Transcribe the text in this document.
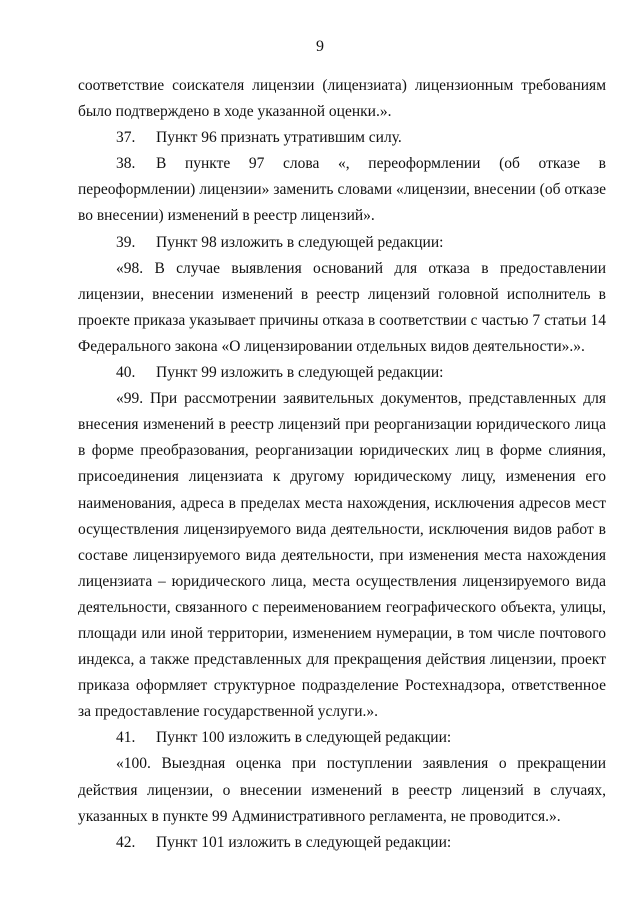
9

соответствие соискателя лицензии (лицензиата) лицензионным требованиям было подтверждено в ходе указанной оценки.».

37. Пункт 96 признать утратившим силу.

38. В пункте 97 слова «, переоформлении (об отказе в переоформлении) лицензии» заменить словами «лицензии, внесении (об отказе во внесении) изменений в реестр лицензий».

39. Пункт 98 изложить в следующей редакции:

«98. В случае выявления оснований для отказа в предоставлении лицензии, внесении изменений в реестр лицензий головной исполнитель в проекте приказа указывает причины отказа в соответствии с частью 7 статьи 14 Федерального закона «О лицензировании отдельных видов деятельности».».

40. Пункт 99 изложить в следующей редакции:

«99. При рассмотрении заявительных документов, представленных для внесения изменений в реестр лицензий при реорганизации юридического лица в форме преобразования, реорганизации юридических лиц в форме слияния, присоединения лицензиата к другому юридическому лицу, изменения его наименования, адреса в пределах места нахождения, исключения адресов мест осуществления лицензируемого вида деятельности, исключения видов работ в составе лицензируемого вида деятельности, при изменения места нахождения лицензиата – юридического лица, места осуществления лицензируемого вида деятельности, связанного с переименованием географического объекта, улицы, площади или иной территории, изменением нумерации, в том числе почтового индекса, а также представленных для прекращения действия лицензии, проект приказа оформляет структурное подразделение Ростехнадзора, ответственное за предоставление государственной услуги.».

41. Пункт 100 изложить в следующей редакции:

«100. Выездная оценка при поступлении заявления о прекращении действия лицензии, о внесении изменений в реестр лицензий в случаях, указанных в пункте 99 Административного регламента, не проводится.».

42. Пункт 101 изложить в следующей редакции:
